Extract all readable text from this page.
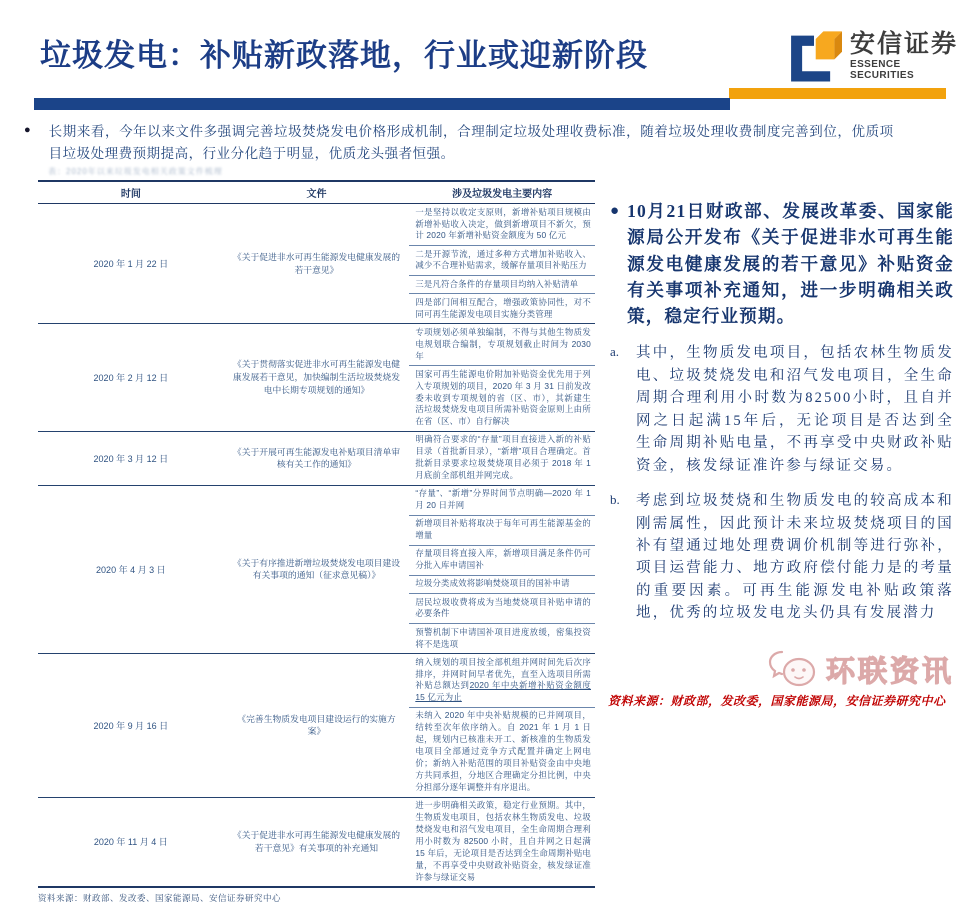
垃圾发电：补贴新政落地，行业或迎新阶段	安信证券
ESSENCE SECURITIES
● 长期来看，今年以来文件多强调完善垃圾焚烧发电价格形成机制，合理制定垃圾处理收费标准，随着垃圾处理收费制度完善到位，优质项目垃圾处理费预期提高，行业分化趋于明显，优质龙头强者恒强。
表：2020年以来垃圾发电相关政策文件梳理
时间	文件	涉及垃圾发电主要内容
2020 年 1 月 22 日	《关于促进非水可再生能源发电健康发展的若干意见》	一是坚持以收定支原则，新增补贴项目规模由新增补贴收入决定，做到新增项目不新欠，预计 2020 年新增补贴资金额度为 50 亿元
		二是开源节流，通过多种方式增加补贴收入、减少不合理补贴需求，缓解存量项目补贴压力
		三是凡符合条件的存量项目均纳入补贴清单
		四是部门间相互配合，增强政策协同性，对不同可再生能源发电项目实施分类管理
2020 年 2 月 12 日	《关于贯彻落实促进非水可再生能源发电健康发展若干意见，加快编制生活垃圾焚烧发电中长期专项规划的通知》	专项规划必须单独编制，不得与其他生物质发电规划联合编制，专项规划截止时间为 2030 年
		国家可再生能源电价附加补贴资金优先用于列入专项规划的项目，2020 年 3 月 31 日前发改委未收到专项规划的省（区、市），其新建生活垃圾焚烧发电项目所需补贴资金原则上由所在省（区、市）自行解决
2020 年 3 月 12 日	《关于开展可再生能源发电补贴项目清单审核有关工作的通知》	明确符合要求的“存量”项目直接进入新的补贴目录（首批新目录），“新增”项目合理确定。首批新目录要求垃圾焚烧项目必须于 2018 年 1 月底前全部机组并网完成。
2020 年 4 月 3 日	《关于有序推进新增垃圾焚烧发电项目建设有关事项的通知（征求意见稿）》	“存量”、“新增”分界时间节点明确—2020 年 1 月 20 日并网
		新增项目补贴将取决于每年可再生能源基金的增量
		存量项目将直接入库，新增项目满足条件仍可分批入库申请国补
		垃圾分类成效将影响焚烧项目的国补申请
		居民垃圾收费将成为当地焚烧项目补贴申请的必要条件
		预警机制下申请国补项目进度放缓，密集投资将不是选项
2020 年 9 月 16 日	《完善生物质发电项目建设运行的实施方案》	纳入规划的项目按全部机组并网时间先后次序排序，并网时间早者优先，直至入选项目所需补贴总额达到2020 年中央新增补贴资金额度 15 亿元为止
		未纳入 2020 年中央补贴规模的已并网项目，结转至次年依序纳入。自 2021 年 1 月 1 日起，规划内已核准未开工、新核准的生物质发电项目全部通过竞争方式配置并确定上网电价；新纳入补贴范围的项目补贴资金由中央地方共同承担，分地区合理确定分担比例，中央分担部分逐年调整并有序退出。
2020 年 11 月 4 日	《关于促进非水可再生能源发电健康发展的若干意见》有关事项的补充通知	进一步明确相关政策，稳定行业预期。其中，生物质发电项目，包括农林生物质发电、垃圾焚烧发电和沼气发电项目，全生命周期合理利用小时数为 82500 小时，且自并网之日起满 15 年后，无论项目是否达到全生命周期补贴电量，不再享受中央财政补贴资金，核发绿证准许参与绿证交易
资料来源：财政部、发改委、国家能源局、安信证券研究中心
● 10月21日财政部、发展改革委、国家能源局公开发布《关于促进非水可再生能源发电健康发展的若干意见》补贴资金有关事项补充通知，进一步明确相关政策，稳定行业预期。
a.	其中，生物质发电项目，包括农林生物质发电、垃圾焚烧发电和沼气发电项目，全生命周期合理利用小时数为82500小时，且自并网之日起满15年后，无论项目是否达到全生命周期补贴电量，不再享受中央财政补贴资金，核发绿证准许参与绿证交易。
b.	考虑到垃圾焚烧和生物质发电的较高成本和刚需属性，因此预计未来垃圾焚烧项目的国补有望通过地处理费调价机制等进行弥补，项目运营能力、地方政府偿付能力是的考量的重要因素。可再生能源发电补贴政策落地，优秀的垃圾发电龙头仍具有发展潜力
环联资讯
资料来源：财政部，发改委，国家能源局，安信证券研究中心
